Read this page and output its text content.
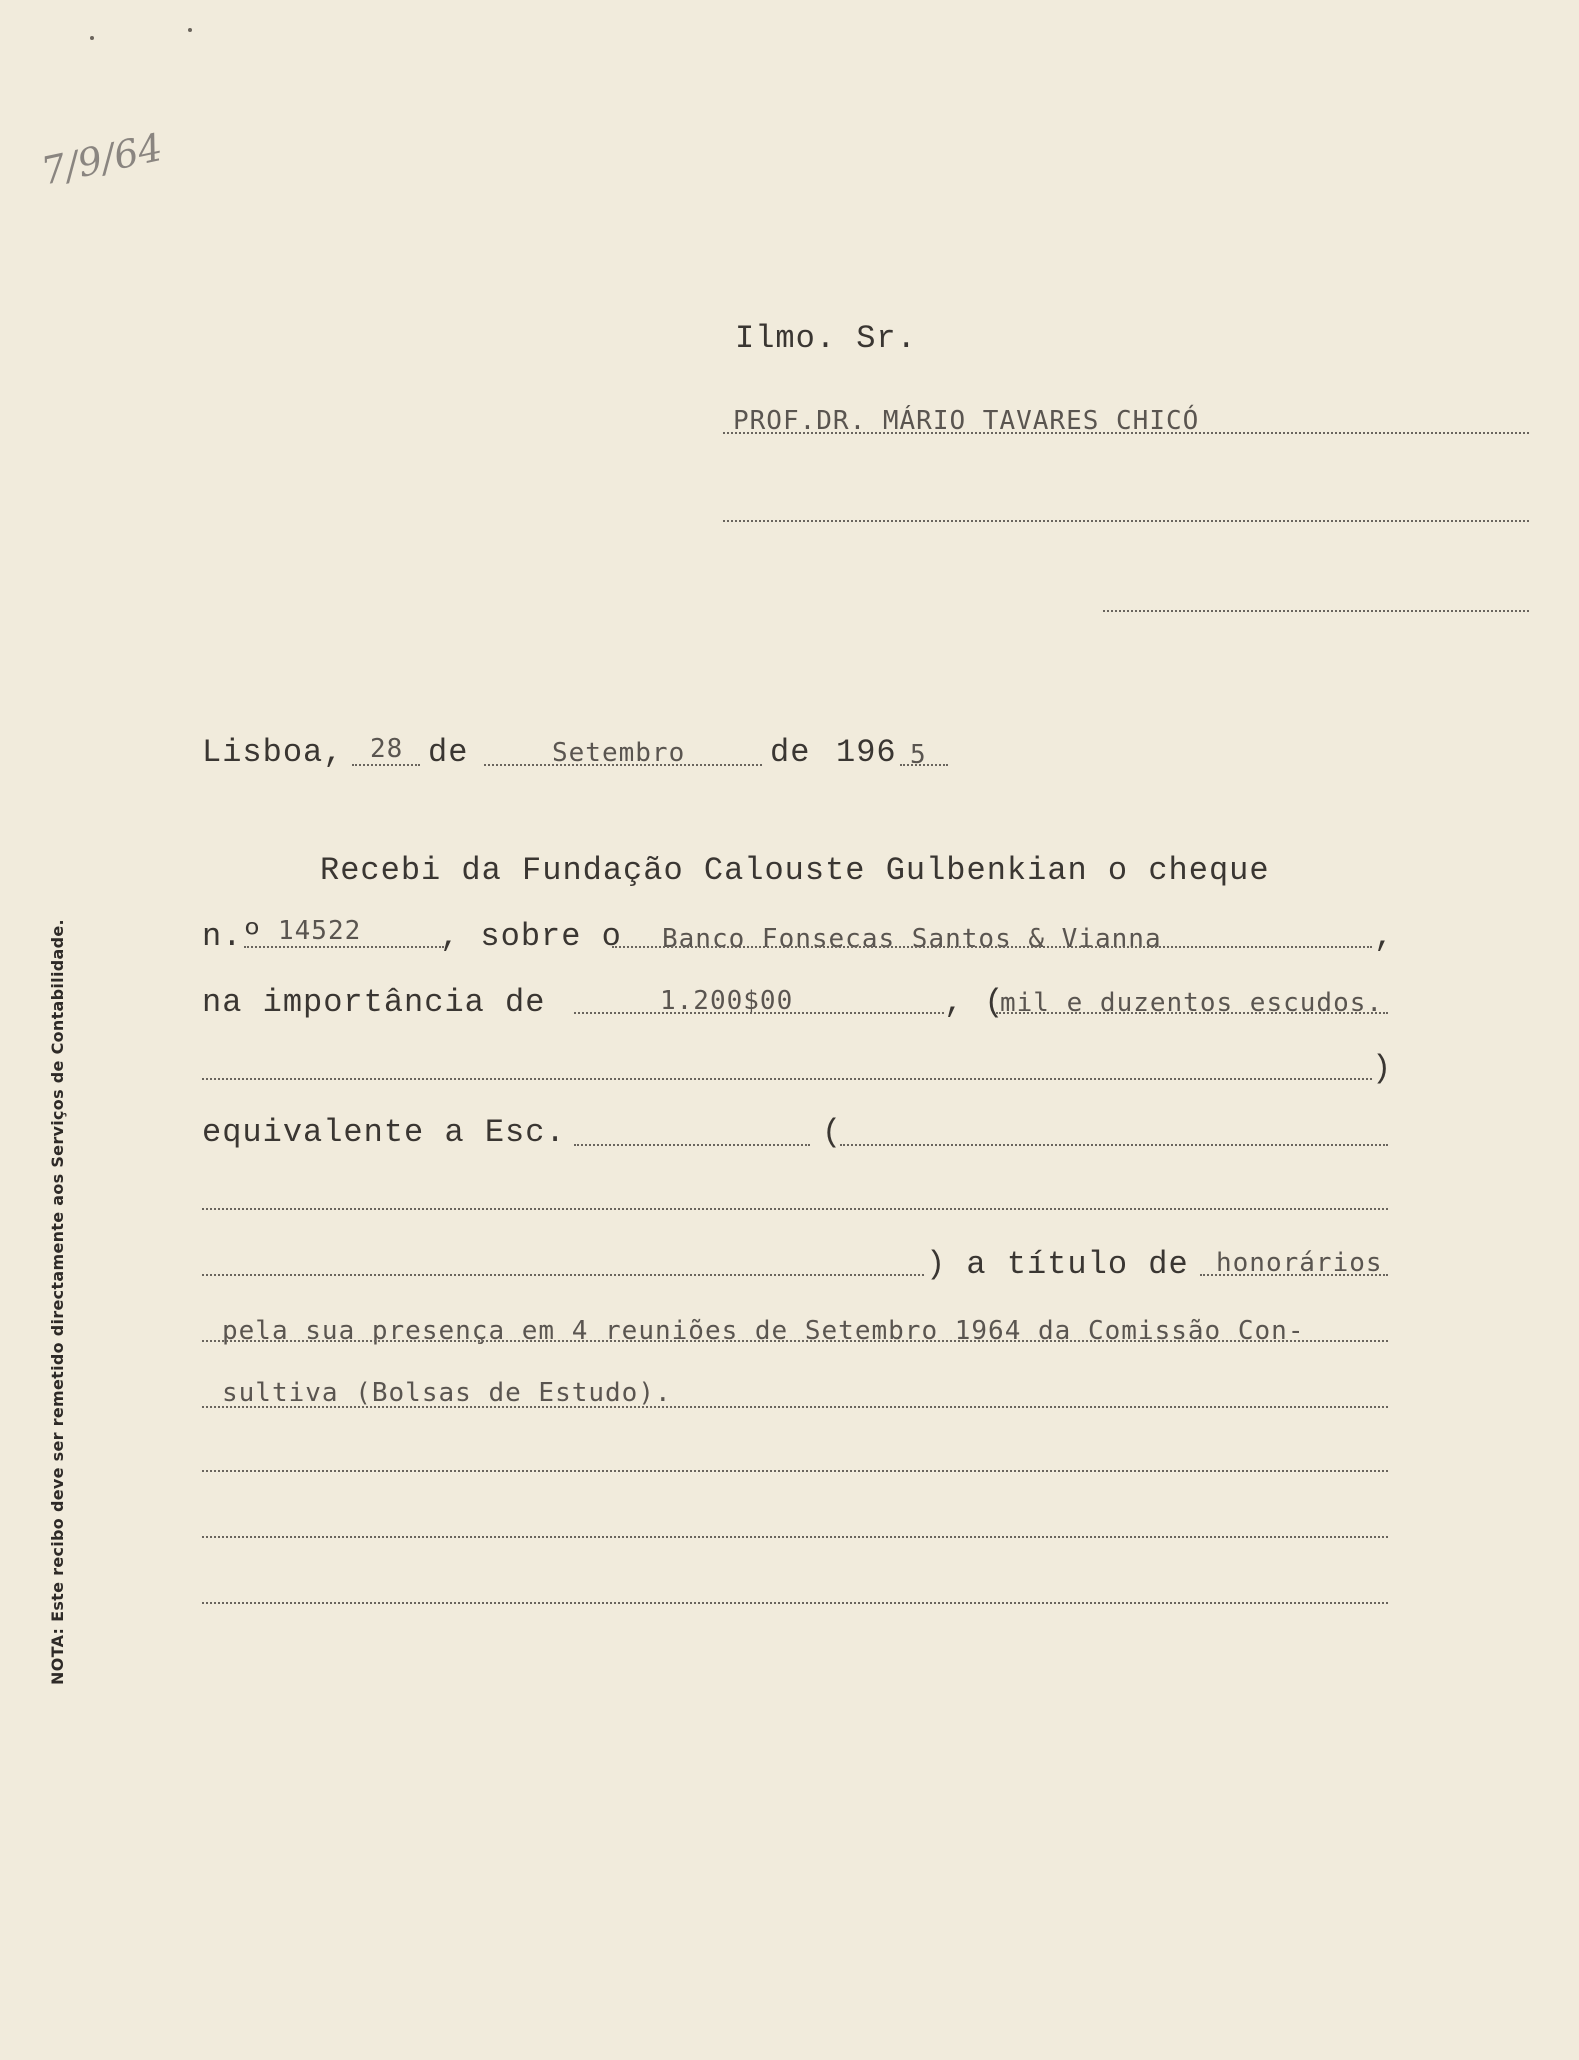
7/9/64
Ilmo. Sr.
PROF.DR. MÁRIO TAVARES CHICÓ
Lisboa, 28 de	Setembro	de 196 5
Recebi da Fundação Calouste Gulbenkian o cheque
n.º 14522 , sobre o Banco Fonsecas Santos & Vianna	,
na importância de	1.200$00	, (
mil e duzentos escudos.
)
equivalente a Esc.	(
) a título de honorários
pela sua presença em 4 reuniões de Setembro 1964 da Comissão Con-
sultiva (Bolsas de Estudo).
NOTA: Este recibo deve ser remetido directamente aos Serviços de Contabilidade.
